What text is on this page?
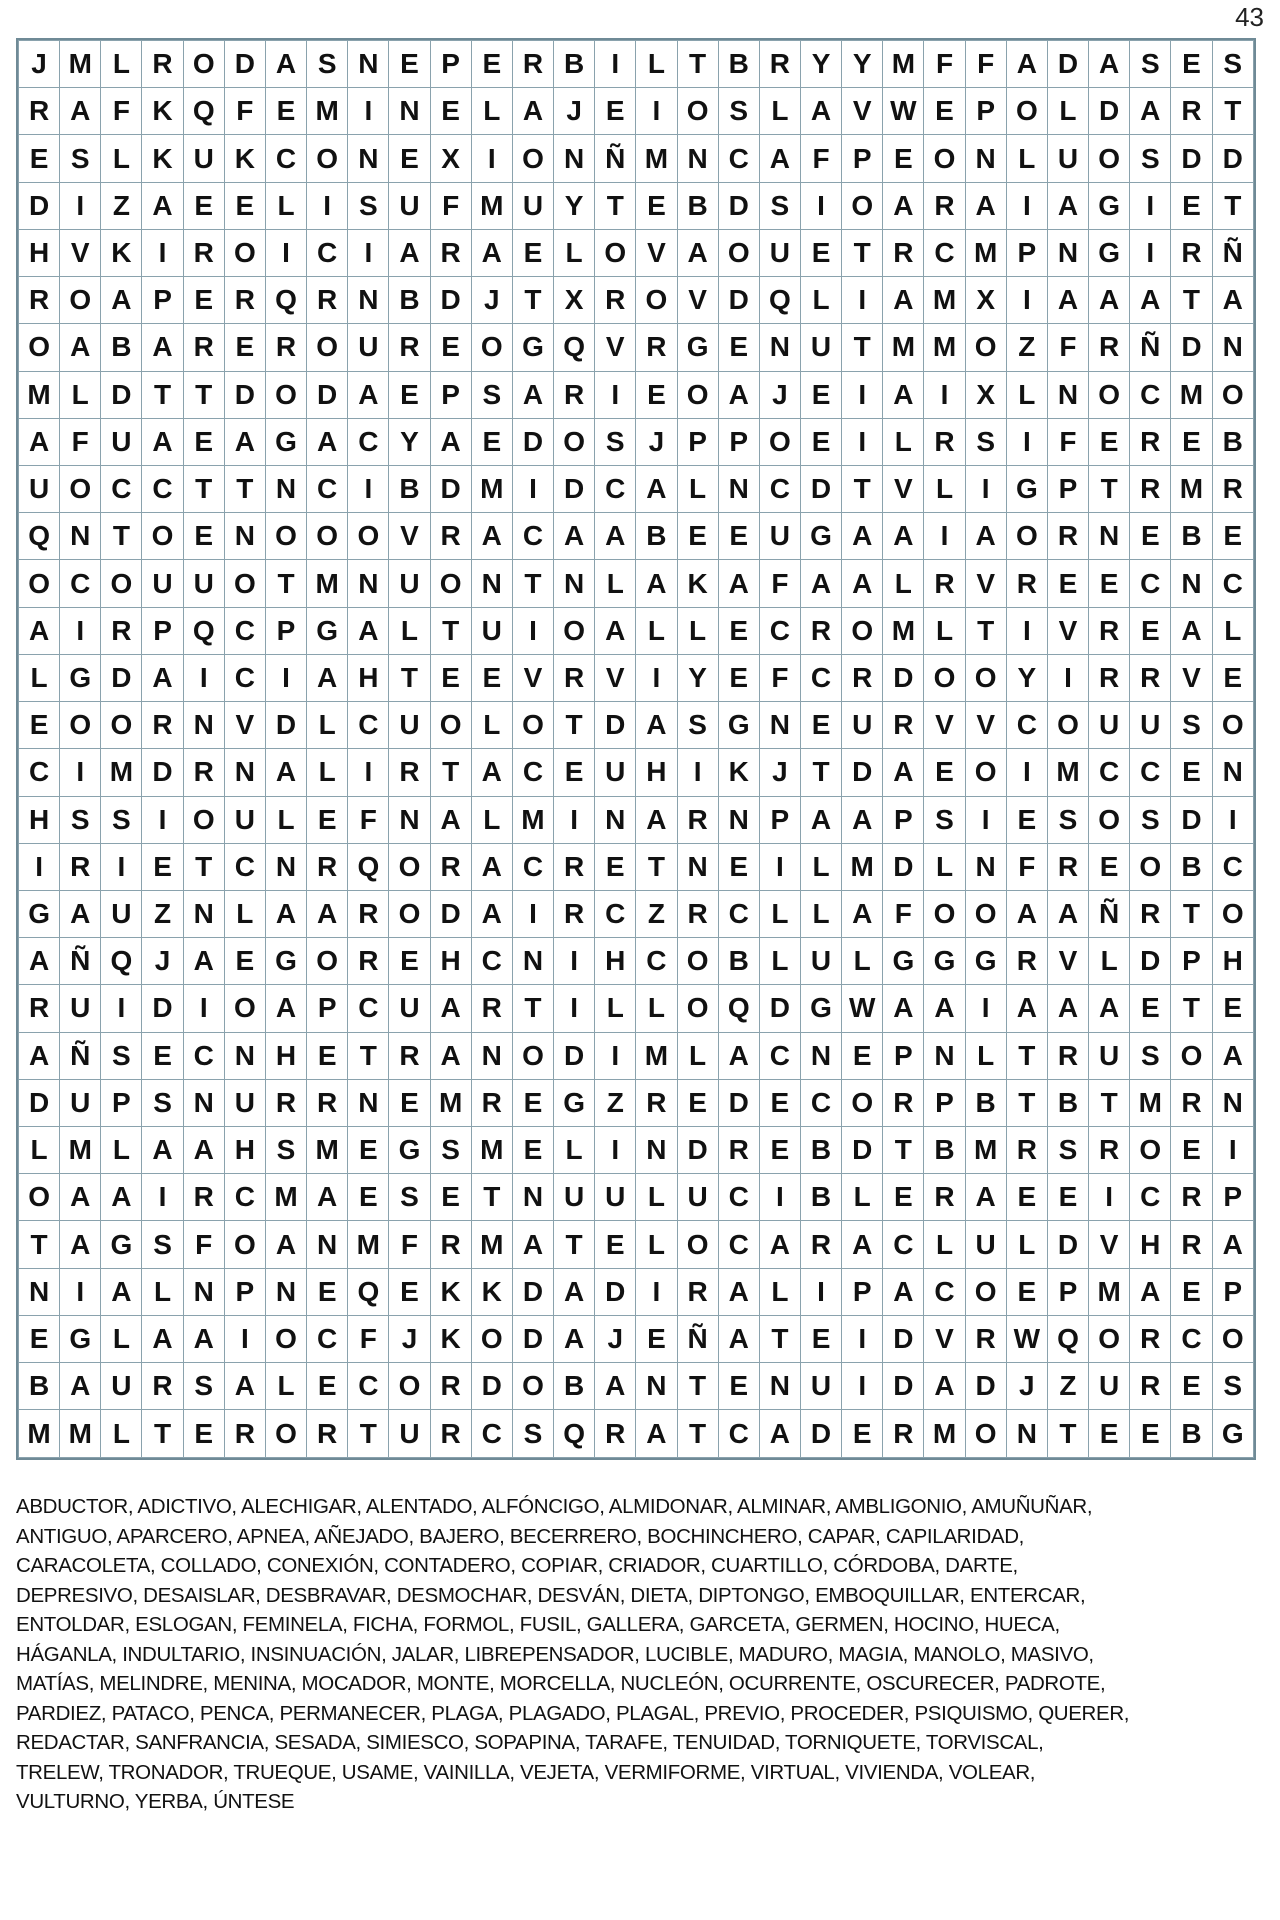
43
J	M	L	R	O	D	A	S	N	E	P	E	R	B	I	L	T	B	R	Y	Y	M	F	F	A	D	A	S	E	S
R	A	F	K	Q	F	E	M	I	N	E	L	A	J	E	I	O	S	L	A	V	W	E	P	O	L	D	A	R	T
E	S	L	K	U	K	C	O	N	E	X	I	O	N	Ñ	M	N	C	A	F	P	E	O	N	L	U	O	S	D	D
D	I	Z	A	E	E	L	I	S	U	F	M	U	Y	T	E	B	D	S	I	O	A	R	A	I	A	G	I	E	T
H	V	K	I	R	O	I	C	I	A	R	A	E	L	O	V	A	O	U	E	T	R	C	M	P	N	G	I	R	Ñ
R	O	A	P	E	R	Q	R	N	B	D	J	T	X	R	O	V	D	Q	L	I	A	M	X	I	A	A	A	T	A
O	A	B	A	R	E	R	O	U	R	E	O	G	Q	V	R	G	E	N	U	T	M	M	O	Z	F	R	Ñ	D	N
M	L	D	T	T	D	O	D	A	E	P	S	A	R	I	E	O	A	J	E	I	A	I	X	L	N	O	C	M	O
A	F	U	A	E	A	G	A	C	Y	A	E	D	O	S	J	P	P	O	E	I	L	R	S	I	F	E	R	E	B
U	O	C	C	T	T	N	C	I	B	D	M	I	D	C	A	L	N	C	D	T	V	L	I	G	P	T	R	M	R
Q	N	T	O	E	N	O	O	O	V	R	A	C	A	A	B	E	E	U	G	A	A	I	A	O	R	N	E	B	E
O	C	O	U	U	O	T	M	N	U	O	N	T	N	L	A	K	A	F	A	A	L	R	V	R	E	E	C	N	C
A	I	R	P	Q	C	P	G	A	L	T	U	I	O	A	L	L	E	C	R	O	M	L	T	I	V	R	E	A	L
L	G	D	A	I	C	I	A	H	T	E	E	V	R	V	I	Y	E	F	C	R	D	O	O	Y	I	R	R	V	E
E	O	O	R	N	V	D	L	C	U	O	L	O	T	D	A	S	G	N	E	U	R	V	V	C	O	U	U	S	O
C	I	M	D	R	N	A	L	I	R	T	A	C	E	U	H	I	K	J	T	D	A	E	O	I	M	C	C	E	N
H	S	S	I	O	U	L	E	F	N	A	L	M	I	N	A	R	N	P	A	A	P	S	I	E	S	O	S	D	I
I	R	I	E	T	C	N	R	Q	O	R	A	C	R	E	T	N	E	I	L	M	D	L	N	F	R	E	O	B	C
G	A	U	Z	N	L	A	A	R	O	D	A	I	R	C	Z	R	C	L	L	A	F	O	O	A	A	Ñ	R	T	O
A	Ñ	Q	J	A	E	G	O	R	E	H	C	N	I	H	C	O	B	L	U	L	G	G	G	R	V	L	D	P	H
R	U	I	D	I	O	A	P	C	U	A	R	T	I	L	L	O	Q	D	G	W	A	A	I	A	A	A	E	T	E
A	Ñ	S	E	C	N	H	E	T	R	A	N	O	D	I	M	L	A	C	N	E	P	N	L	T	R	U	S	O	A
D	U	P	S	N	U	R	R	N	E	M	R	E	G	Z	R	E	D	E	C	O	R	P	B	T	B	T	M	R	N
L	M	L	A	A	H	S	M	E	G	S	M	E	L	I	N	D	R	E	B	D	T	B	M	R	S	R	O	E	I
O	A	A	I	R	C	M	A	E	S	E	T	N	U	U	L	U	C	I	B	L	E	R	A	E	E	I	C	R	P
T	A	G	S	F	O	A	N	M	F	R	M	A	T	E	L	O	C	A	R	A	C	L	U	L	D	V	H	R	A
N	I	A	L	N	P	N	E	Q	E	K	K	D	A	D	I	R	A	L	I	P	A	C	O	E	P	M	A	E	P
E	G	L	A	A	I	O	C	F	J	K	O	D	A	J	E	Ñ	A	T	E	I	D	V	R	W	Q	O	R	C	O
B	A	U	R	S	A	L	E	C	O	R	D	O	B	A	N	T	E	N	U	I	D	A	D	J	Z	U	R	E	S
M	M	L	T	E	R	O	R	T	U	R	C	S	Q	R	A	T	C	A	D	E	R	M	O	N	T	E	E	B	G

ABDUCTOR, ADICTIVO, ALECHIGAR, ALENTADO, ALFÓNCIGO, ALMIDONAR, ALMINAR, AMBLIGONIO, AMUÑUÑAR,

ANTIGUO, APARCERO, APNEA, AÑEJADO, BAJERO, BECERRERO, BOCHINCHERO, CAPAR, CAPILARIDAD,

CARACOLETA, COLLADO, CONEXIÓN, CONTADERO, COPIAR, CRIADOR, CUARTILLO, CÓRDOBA, DARTE,

DEPRESIVO, DESAISLAR, DESBRAVAR, DESMOCHAR, DESVÁN, DIETA, DIPTONGO, EMBOQUILLAR, ENTERCAR,

ENTOLDAR, ESLOGAN, FEMINELA, FICHA, FORMOL, FUSIL, GALLERA, GARCETA, GERMEN, HOCINO, HUECA,

HÁGANLA, INDULTARIO, INSINUACIÓN, JALAR, LIBREPENSADOR, LUCIBLE, MADURO, MAGIA, MANOLO, MASIVO,

MATÍAS, MELINDRE, MENINA, MOCADOR, MONTE, MORCELLA, NUCLEÓN, OCURRENTE, OSCURECER, PADROTE,

PARDIEZ, PATACO, PENCA, PERMANECER, PLAGA, PLAGADO, PLAGAL, PREVIO, PROCEDER, PSIQUISMO, QUERER,

REDACTAR, SANFRANCIA, SESADA, SIMIESCO, SOPAPINA, TARAFE, TENUIDAD, TORNIQUETE, TORVISCAL,

TRELEW, TRONADOR, TRUEQUE, USAME, VAINILLA, VEJETA, VERMIFORME, VIRTUAL, VIVIENDA, VOLEAR,

VULTURNO, YERBA, ÚNTESE
